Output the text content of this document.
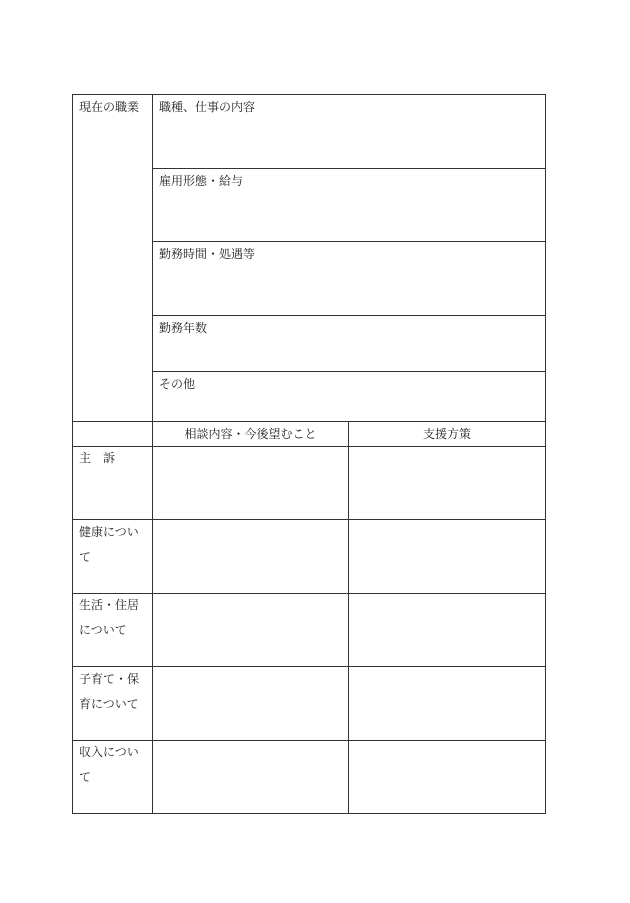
現在の職業 職種、仕事の内容
雇用形態・給与
勤務時間・処遇等
勤務年数
その他
相談内容・今後望むこと	支援方策
主　訴
健康について
生活・住居について
子育て・保育について
収入について
